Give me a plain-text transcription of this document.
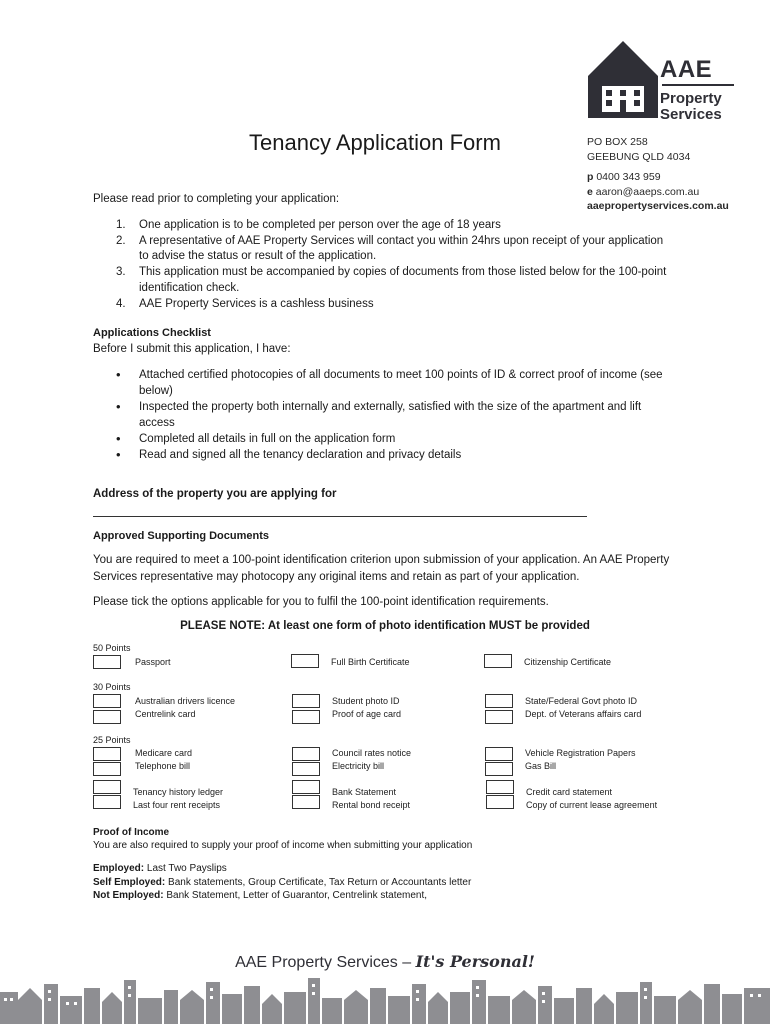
AAE
Property
Services
PO BOX 258
GEEBUNG QLD 4034
p 0400 343 959
e aaron@aaeps.com.au
aaepropertyservices.com.au
Tenancy Application Form
Please read prior to completing your application:
1. One application is to be completed per person over the age of 18 years
2. A representative of AAE Property Services will contact you within 24hrs upon receipt of your application to advise the status or result of the application.
3. This application must be accompanied by copies of documents from those listed below for the 100-point identification check.
4. AAE Property Services is a cashless business
Applications Checklist
Before I submit this application, I have:
• Attached certified photocopies of all documents to meet 100 points of ID & correct proof of income (see below)
• Inspected the property both internally and externally, satisfied with the size of the apartment and lift access
• Completed all details in full on the application form
• Read and signed all the tenancy declaration and privacy details
Address of the property you are applying for
Approved Supporting Documents
You are required to meet a 100-point identification criterion upon submission of your application. An AAE Property Services representative may photocopy any original items and retain as part of your application.
Please tick the options applicable for you to fulfil the 100-point identification requirements.
PLEASE NOTE: At least one form of photo identification MUST be provided
50 Points
Passport	Full Birth Certificate	Citizenship Certificate
30 Points
Australian drivers licence
Centrelink card
Student photo ID
Proof of age card
State/Federal Govt photo ID
Dept. of Veterans affairs card
25 Points
Medicare card
Telephone bill
Council rates notice
Electricity bill
Vehicle Registration Papers
Gas Bill
Tenancy history ledger
Last four rent receipts
Bank Statement
Rental bond receipt
Credit card statement
Copy of current lease agreement
Proof of Income
You are also required to supply your proof of income when submitting your application
Employed: Last Two Payslips
Self Employed: Bank statements, Group Certificate, Tax Return or Accountants letter
Not Employed: Bank Statement, Letter of Guarantor, Centrelink statement,
AAE Property Services – It's Personal!
